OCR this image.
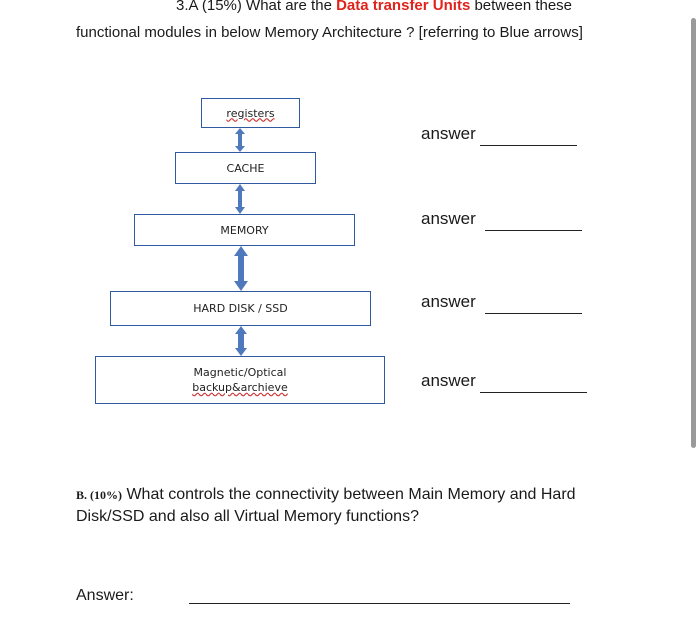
3.A (15%) What are the Data transfer Units between these
functional modules in below Memory Architecture ? [referring to Blue arrows]
registers
CACHE
MEMORY
HARD DISK / SSD
Magnetic/Optical
backup&archieve
answer
answer
answer
answer
B. (10%) What controls the connectivity between Main Memory and Hard Disk/SSD and also all Virtual Memory functions?
Answer:
